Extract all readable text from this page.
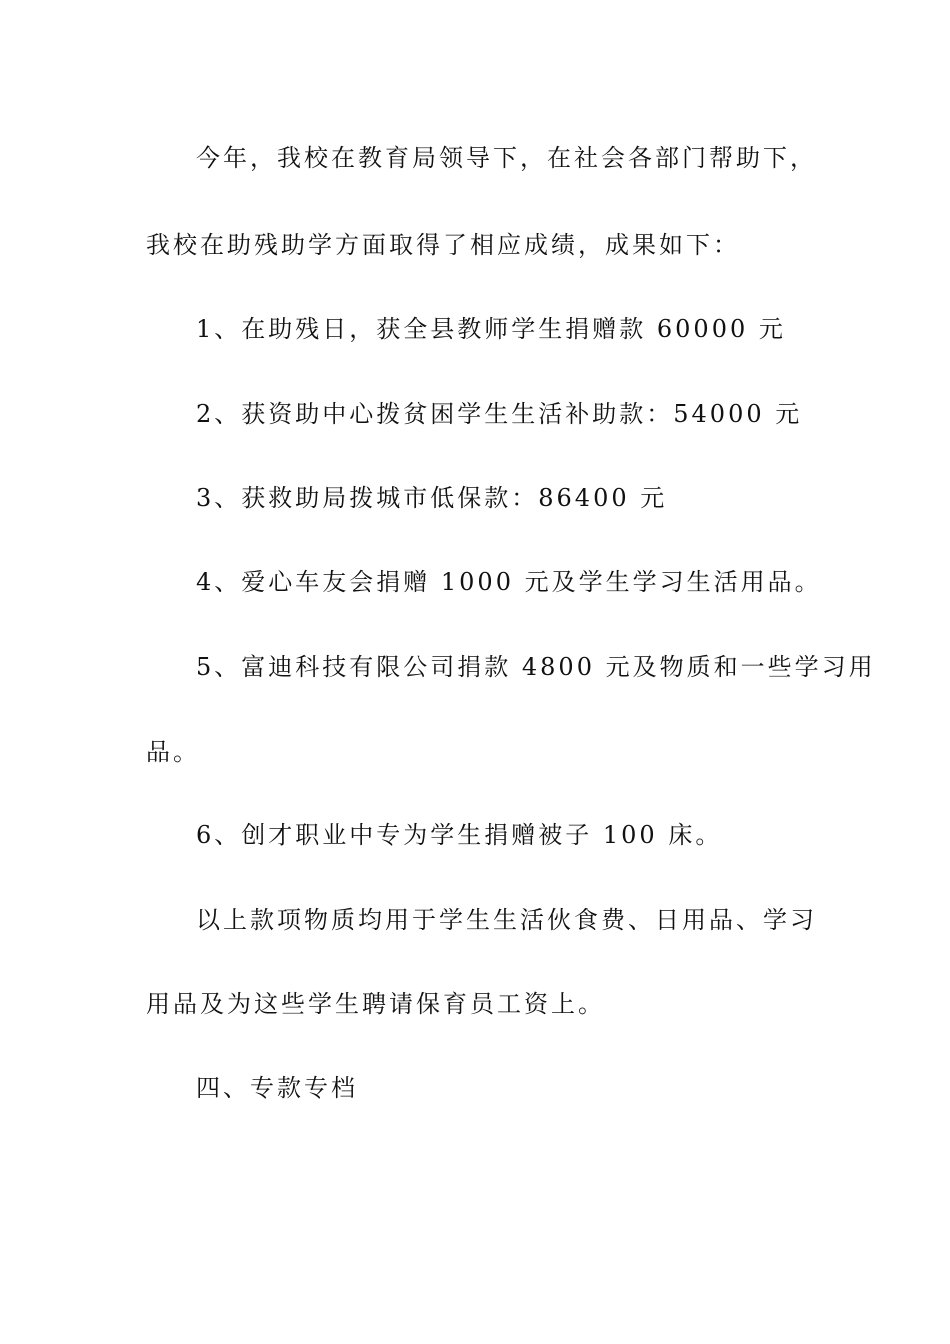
今年，我校在教育局领导下，在社会各部门帮助下，
我校在助残助学方面取得了相应成绩，成果如下：
1、在助残日，获全县教师学生捐赠款 60000 元
2、获资助中心拨贫困学生生活补助款：54000 元
3、获救助局拨城市低保款：86400 元
4、爱心车友会捐赠 1000 元及学生学习生活用品。
5、富迪科技有限公司捐款 4800 元及物质和一些学习用
品。
6、创才职业中专为学生捐赠被子 100 床。
以上款项物质均用于学生生活伙食费、日用品、学习
用品及为这些学生聘请保育员工资上。
四、专款专档
